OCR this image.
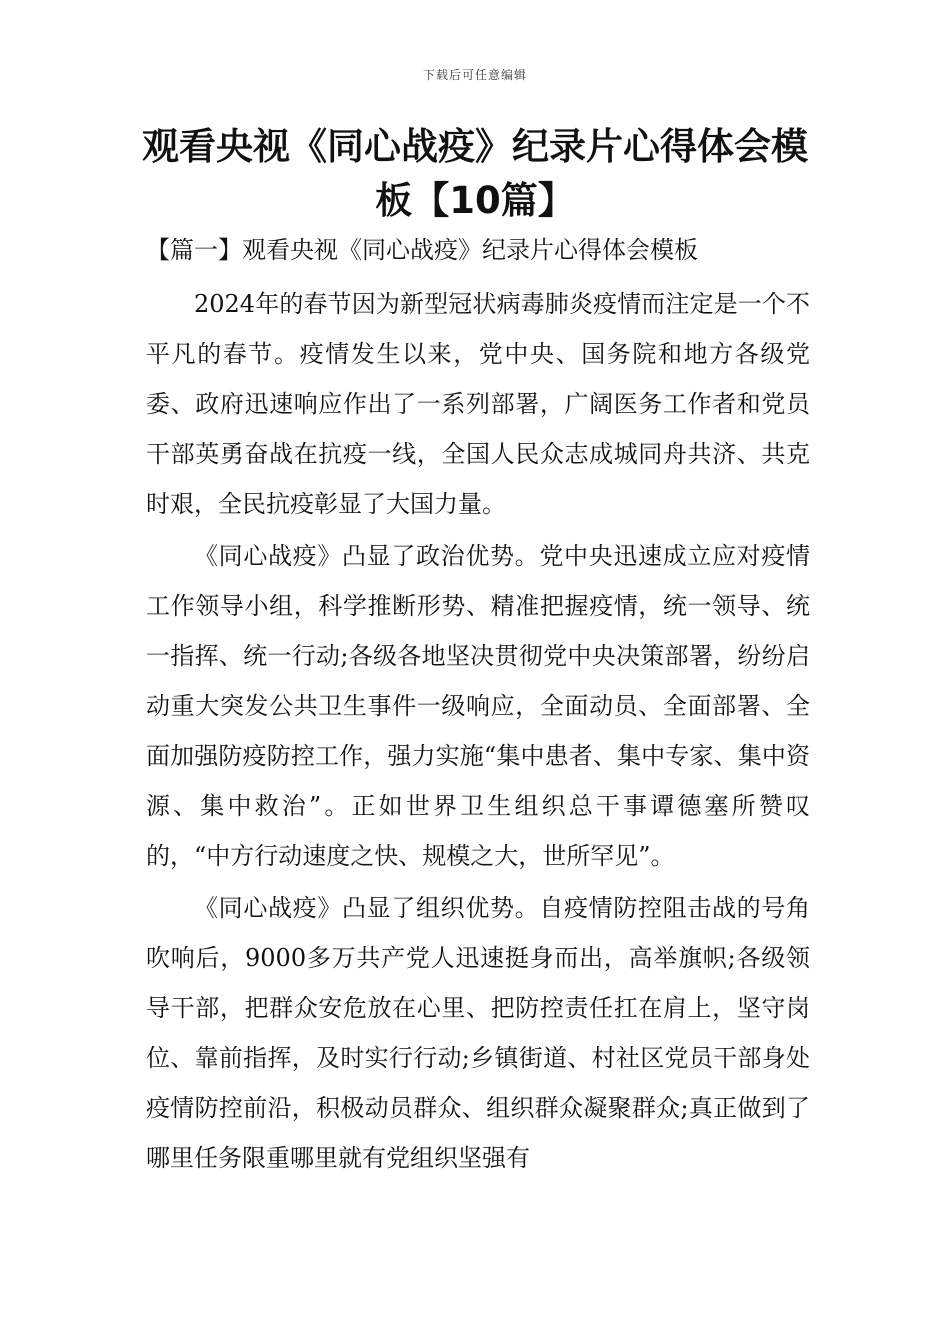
下载后可任意编辑
观看央视《同心战疫》纪录片心得体会模板【10篇】
【篇一】观看央视《同心战疫》纪录片心得体会模板

2024年的春节因为新型冠状病毒肺炎疫情而注定是一个不平凡的春节。疫情发生以来，党中央、国务院和地方各级党委、政府迅速响应作出了一系列部署，广阔医务工作者和党员干部英勇奋战在抗疫一线，全国人民众志成城同舟共济、共克时艰，全民抗疫彰显了大国力量。

《同心战疫》凸显了政治优势。党中央迅速成立应对疫情工作领导小组，科学推断形势、精准把握疫情，统一领导、统一指挥、统一行动;各级各地坚决贯彻党中央决策部署，纷纷启动重大突发公共卫生事件一级响应，全面动员、全面部署、全面加强防疫防控工作，强力实施“集中患者、集中专家、集中资源、集中救治”。正如世界卫生组织总干事谭德塞所赞叹的，“中方行动速度之快、规模之大，世所罕见”。

《同心战疫》凸显了组织优势。自疫情防控阻击战的号角吹响后，9000多万共产党人迅速挺身而出，高举旗帜;各级领导干部，把群众安危放在心里、把防控责任扛在肩上，坚守岗位、靠前指挥，及时实行行动;乡镇街道、村社区党员干部身处疫情防控前沿，积极动员群众、组织群众凝聚群众;真正做到了哪里任务限重哪里就有党组织坚强有
